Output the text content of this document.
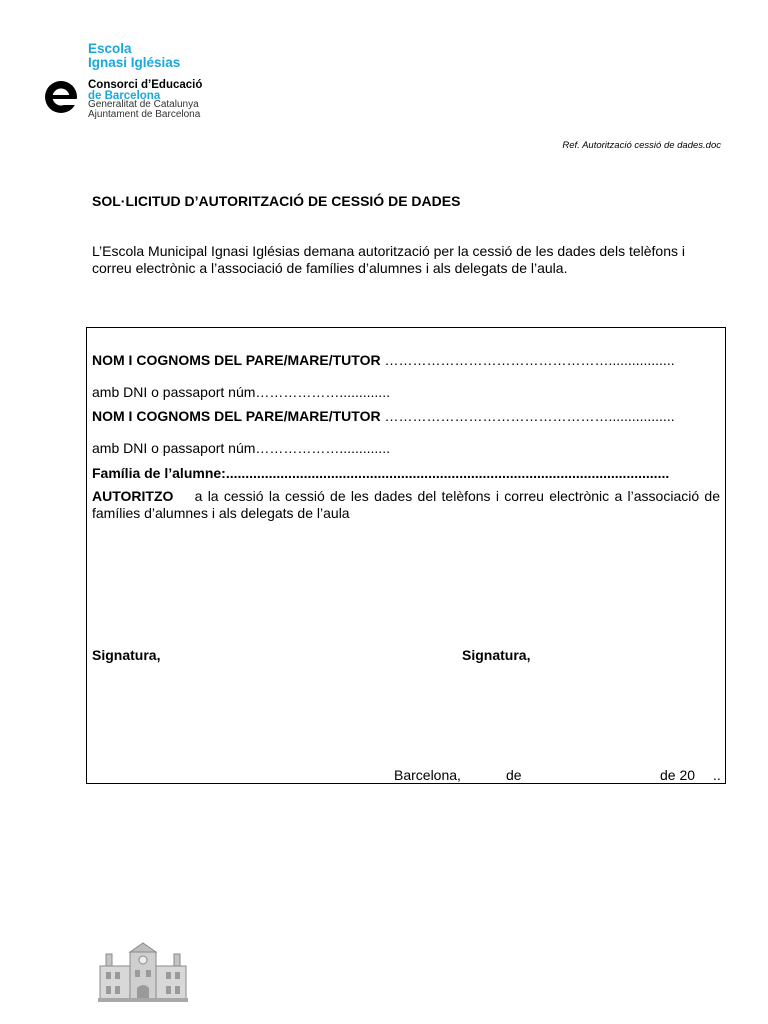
Escola
Ignasi Iglésias
Consorci d’Educació
de Barcelona
Generalitat de Catalunya
Ajuntament de Barcelona
Ref. Autorització cessió de dades.doc
SOL·LICITUD D’AUTORITZACIÓ DE CESSIÓ DE DADES
L’Escola Municipal Ignasi Iglésias demana autorització per la cessió de les dades dels telèfons i correu electrònic a l’associació de famílies d’alumnes i als delegats de l’aula.
NOM I COGNOMS DEL PARE/MARE/TUTOR ………………………………………….................
amb DNI o passaport núm……………….............
NOM I COGNOMS DEL PARE/MARE/TUTOR ………………………………………….................
amb DNI o passaport núm……………….............
Família de l’alumne:..................................................................................................................
AUTORITZO a la cessió la cessió de les dades del telèfons i correu electrònic a l’associació de famílies d’alumnes i als delegats de l’aula
Signatura,	Signatura,
Barcelona,	de	de 20 ..
